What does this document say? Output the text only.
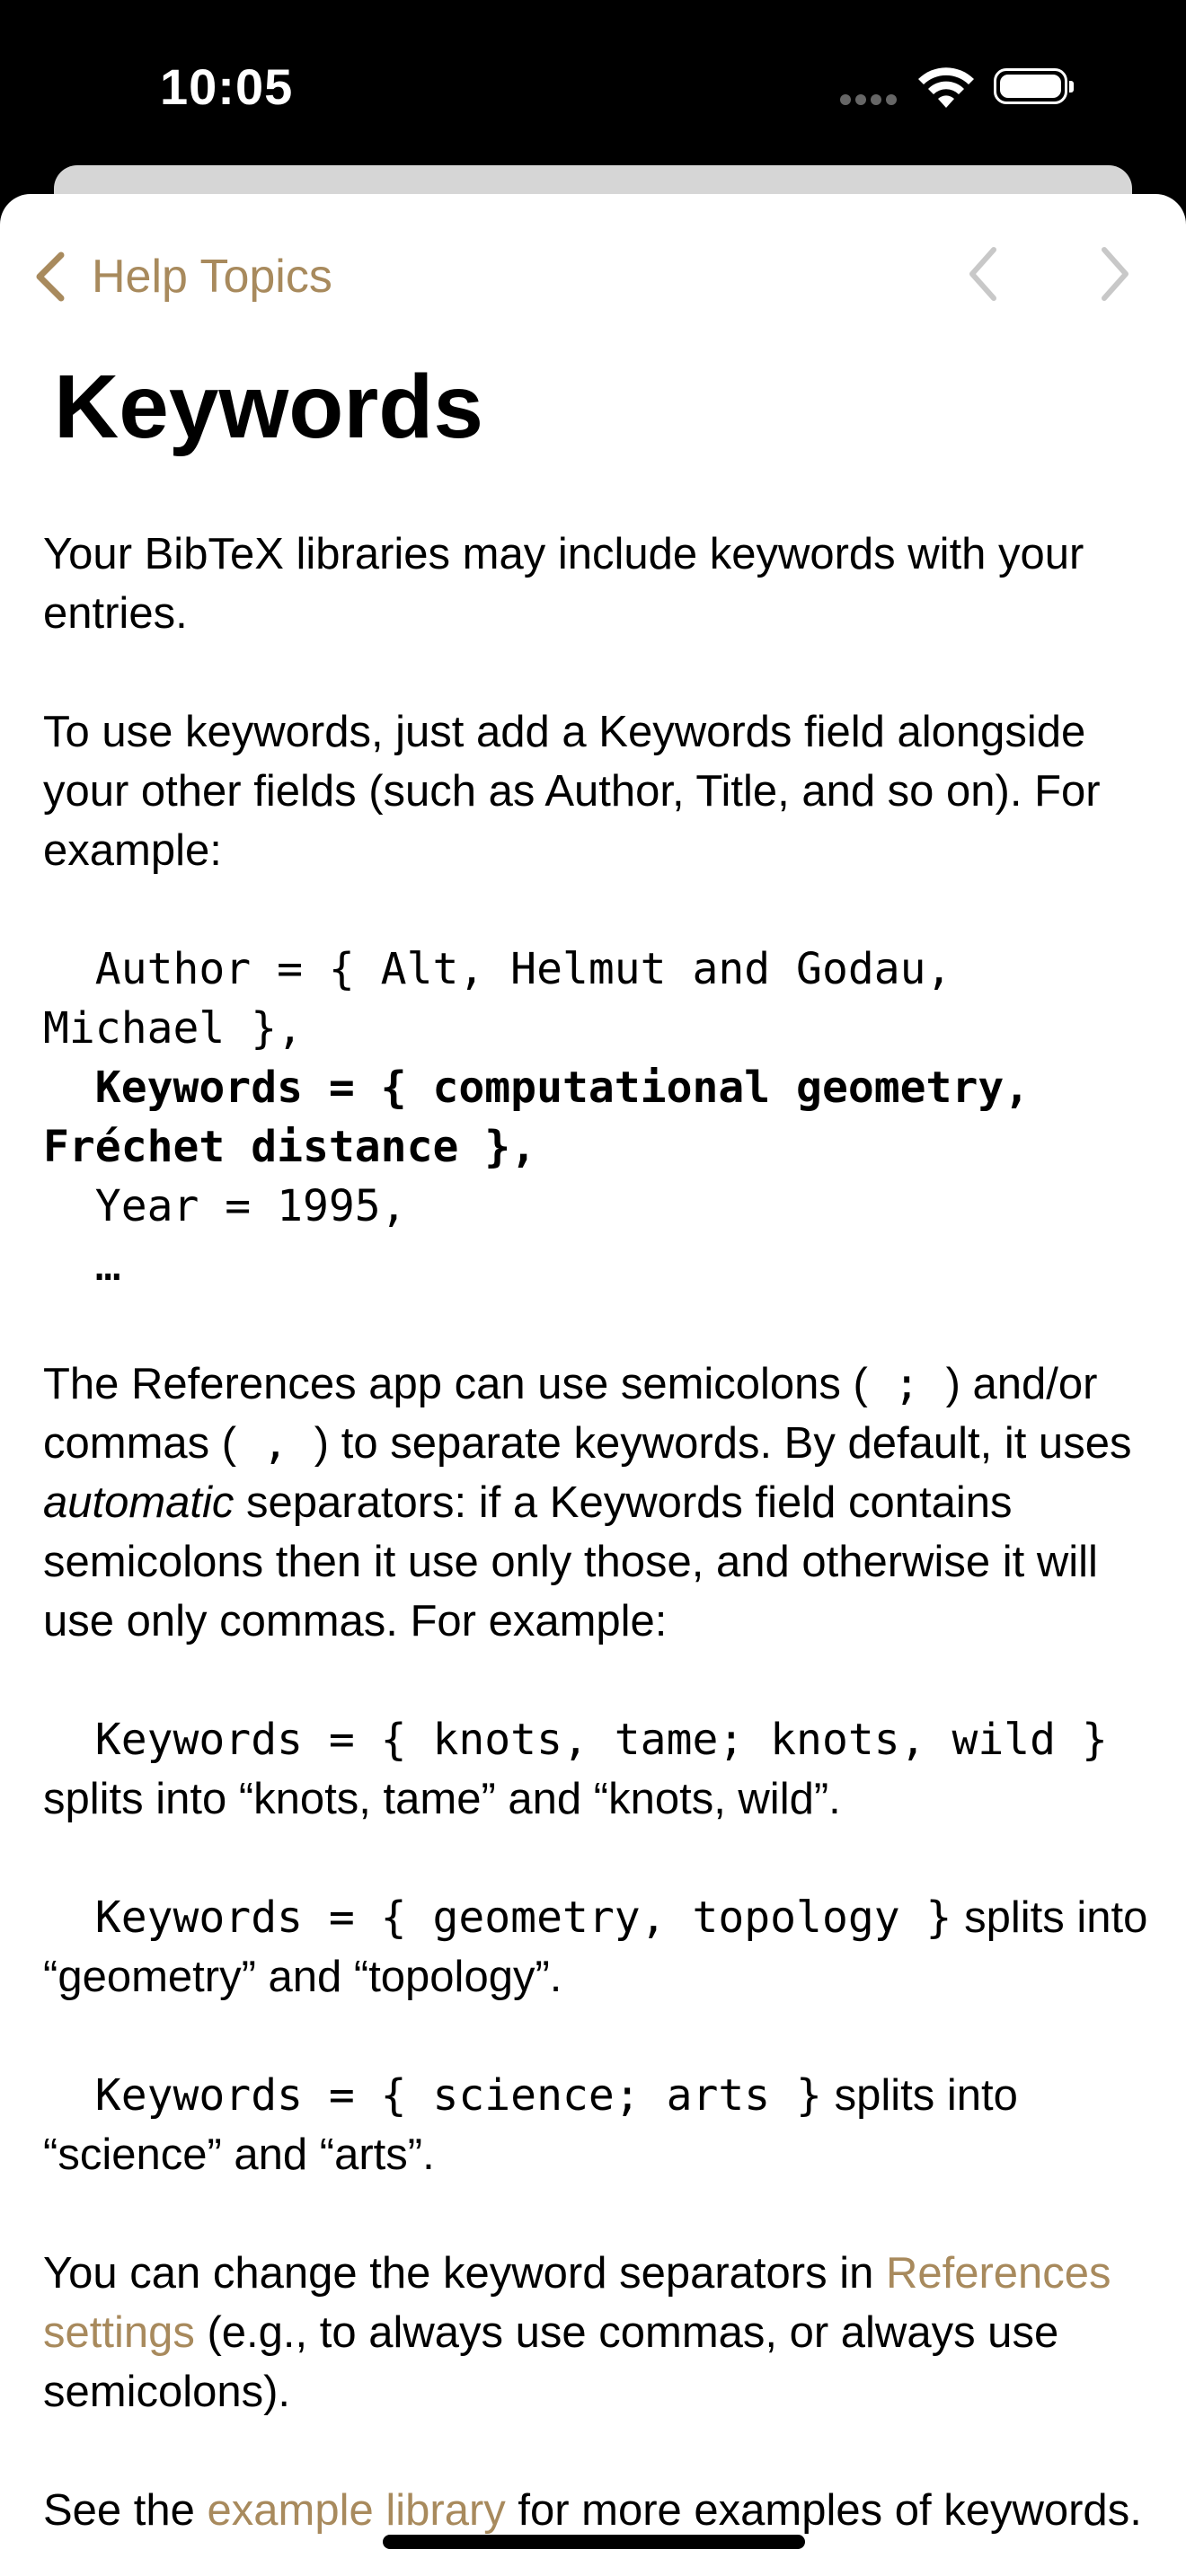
10:05
Help Topics
Keywords

Your BibTeX libraries may include keywords with your entries.

To use keywords, just add a Keywords field alongside your other fields (such as Author, Title, and so on). For example:

Author = { Alt, Helmut and Godau, Michael },
Keywords = { computational geometry, Fréchet distance },
Year = 1995,
…

The References app can use semicolons ( ; ) and/or commas ( , ) to separate keywords. By default, it uses automatic separators: if a Keywords field contains semicolons then it use only those, and otherwise it will use only commas. For example:

Keywords = { knots, tame; knots, wild } splits into “knots, tame” and “knots, wild”.

Keywords = { geometry, topology } splits into “geometry” and “topology”.

Keywords = { science; arts } splits into “science” and “arts”.

You can change the keyword separators in References settings (e.g., to always use commas, or always use semicolons).

See the example library for more examples of keywords.
